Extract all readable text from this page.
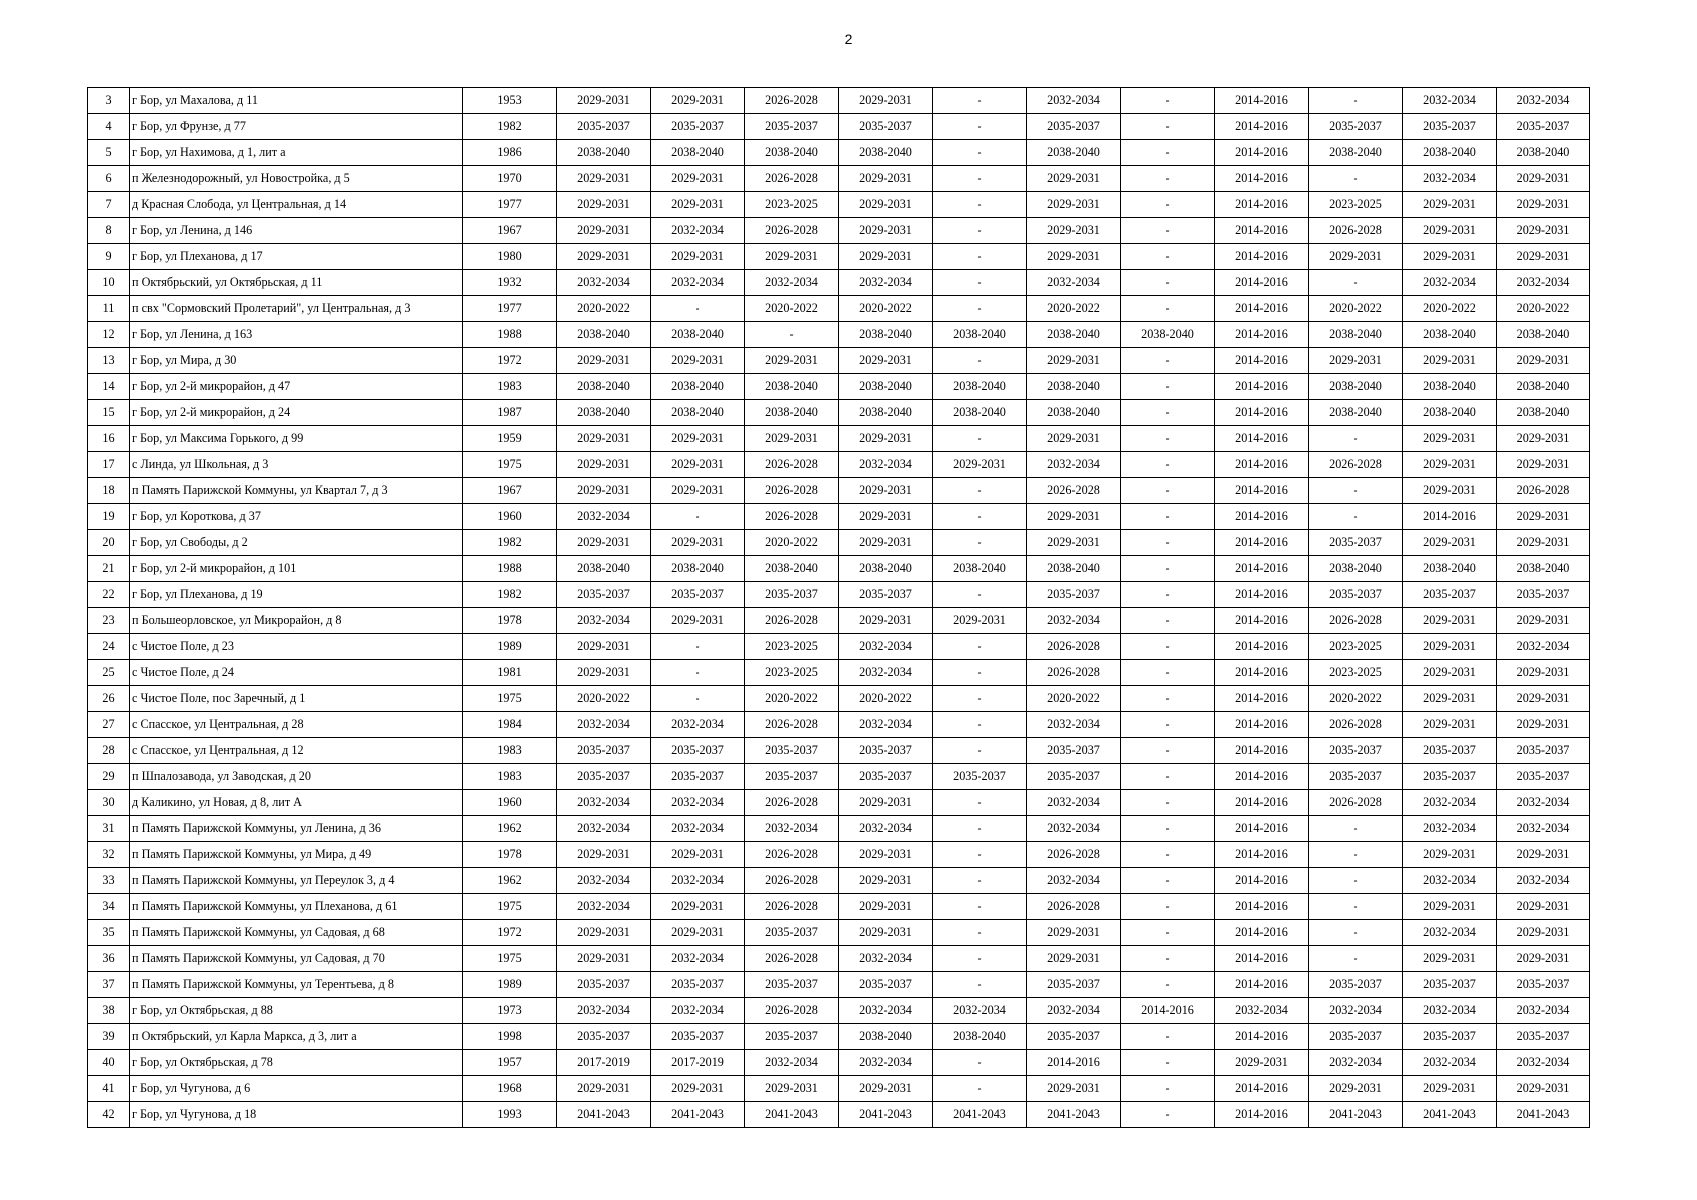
2
3	г Бор, ул Махалова, д 11	1953	2029-2031	2029-2031	2026-2028	2029-2031	-	2032-2034	-	2014-2016	-	2032-2034	2032-2034
4	г Бор, ул Фрунзе, д 77	1982	2035-2037	2035-2037	2035-2037	2035-2037	-	2035-2037	-	2014-2016	2035-2037	2035-2037	2035-2037
5	г Бор, ул Нахимова, д 1, лит а	1986	2038-2040	2038-2040	2038-2040	2038-2040	-	2038-2040	-	2014-2016	2038-2040	2038-2040	2038-2040
6	п Железнодорожный, ул Новостройка, д 5	1970	2029-2031	2029-2031	2026-2028	2029-2031	-	2029-2031	-	2014-2016	-	2032-2034	2029-2031
7	д Красная Слобода, ул Центральная, д 14	1977	2029-2031	2029-2031	2023-2025	2029-2031	-	2029-2031	-	2014-2016	2023-2025	2029-2031	2029-2031
8	г Бор, ул Ленина, д 146	1967	2029-2031	2032-2034	2026-2028	2029-2031	-	2029-2031	-	2014-2016	2026-2028	2029-2031	2029-2031
9	г Бор, ул Плеханова, д 17	1980	2029-2031	2029-2031	2029-2031	2029-2031	-	2029-2031	-	2014-2016	2029-2031	2029-2031	2029-2031
10	п Октябрьский, ул Октябрьская, д 11	1932	2032-2034	2032-2034	2032-2034	2032-2034	-	2032-2034	-	2014-2016	-	2032-2034	2032-2034
11	п свх "Сормовский Пролетарий", ул Центральная, д 3	1977	2020-2022	-	2020-2022	2020-2022	-	2020-2022	-	2014-2016	2020-2022	2020-2022	2020-2022
12	г Бор, ул Ленина, д 163	1988	2038-2040	2038-2040	-	2038-2040	2038-2040	2038-2040	2038-2040	2014-2016	2038-2040	2038-2040	2038-2040
13	г Бор, ул Мира, д 30	1972	2029-2031	2029-2031	2029-2031	2029-2031	-	2029-2031	-	2014-2016	2029-2031	2029-2031	2029-2031
14	г Бор, ул 2-й микрорайон, д 47	1983	2038-2040	2038-2040	2038-2040	2038-2040	2038-2040	2038-2040	-	2014-2016	2038-2040	2038-2040	2038-2040
15	г Бор, ул 2-й микрорайон, д 24	1987	2038-2040	2038-2040	2038-2040	2038-2040	2038-2040	2038-2040	-	2014-2016	2038-2040	2038-2040	2038-2040
16	г Бор, ул Максима Горького, д 99	1959	2029-2031	2029-2031	2029-2031	2029-2031	-	2029-2031	-	2014-2016	-	2029-2031	2029-2031
17	с Линда, ул Школьная, д 3	1975	2029-2031	2029-2031	2026-2028	2032-2034	2029-2031	2032-2034	-	2014-2016	2026-2028	2029-2031	2029-2031
18	п Память Парижской Коммуны, ул Квартал 7, д 3	1967	2029-2031	2029-2031	2026-2028	2029-2031	-	2026-2028	-	2014-2016	-	2029-2031	2026-2028
19	г Бор, ул Короткова, д 37	1960	2032-2034	-	2026-2028	2029-2031	-	2029-2031	-	2014-2016	-	2014-2016	2029-2031
20	г Бор, ул Свободы, д 2	1982	2029-2031	2029-2031	2020-2022	2029-2031	-	2029-2031	-	2014-2016	2035-2037	2029-2031	2029-2031
21	г Бор, ул 2-й микрорайон, д 101	1988	2038-2040	2038-2040	2038-2040	2038-2040	2038-2040	2038-2040	-	2014-2016	2038-2040	2038-2040	2038-2040
22	г Бор, ул Плеханова, д 19	1982	2035-2037	2035-2037	2035-2037	2035-2037	-	2035-2037	-	2014-2016	2035-2037	2035-2037	2035-2037
23	п Большеорловское, ул Микрорайон, д 8	1978	2032-2034	2029-2031	2026-2028	2029-2031	2029-2031	2032-2034	-	2014-2016	2026-2028	2029-2031	2029-2031
24	с Чистое Поле, д 23	1989	2029-2031	-	2023-2025	2032-2034	-	2026-2028	-	2014-2016	2023-2025	2029-2031	2032-2034
25	с Чистое Поле, д 24	1981	2029-2031	-	2023-2025	2032-2034	-	2026-2028	-	2014-2016	2023-2025	2029-2031	2029-2031
26	с Чистое Поле, пос Заречный, д 1	1975	2020-2022	-	2020-2022	2020-2022	-	2020-2022	-	2014-2016	2020-2022	2029-2031	2029-2031
27	с Спасское, ул Центральная, д 28	1984	2032-2034	2032-2034	2026-2028	2032-2034	-	2032-2034	-	2014-2016	2026-2028	2029-2031	2029-2031
28	с Спасское, ул Центральная, д 12	1983	2035-2037	2035-2037	2035-2037	2035-2037	-	2035-2037	-	2014-2016	2035-2037	2035-2037	2035-2037
29	п Шпалозавода, ул Заводская, д 20	1983	2035-2037	2035-2037	2035-2037	2035-2037	2035-2037	2035-2037	-	2014-2016	2035-2037	2035-2037	2035-2037
30	д Каликино, ул Новая, д 8, лит А	1960	2032-2034	2032-2034	2026-2028	2029-2031	-	2032-2034	-	2014-2016	2026-2028	2032-2034	2032-2034
31	п Память Парижской Коммуны, ул Ленина, д 36	1962	2032-2034	2032-2034	2032-2034	2032-2034	-	2032-2034	-	2014-2016	-	2032-2034	2032-2034
32	п Память Парижской Коммуны, ул Мира, д 49	1978	2029-2031	2029-2031	2026-2028	2029-2031	-	2026-2028	-	2014-2016	-	2029-2031	2029-2031
33	п Память Парижской Коммуны, ул Переулок 3, д 4	1962	2032-2034	2032-2034	2026-2028	2029-2031	-	2032-2034	-	2014-2016	-	2032-2034	2032-2034
34	п Память Парижской Коммуны, ул Плеханова, д 61	1975	2032-2034	2029-2031	2026-2028	2029-2031	-	2026-2028	-	2014-2016	-	2029-2031	2029-2031
35	п Память Парижской Коммуны, ул Садовая, д 68	1972	2029-2031	2029-2031	2035-2037	2029-2031	-	2029-2031	-	2014-2016	-	2032-2034	2029-2031
36	п Память Парижской Коммуны, ул Садовая, д 70	1975	2029-2031	2032-2034	2026-2028	2032-2034	-	2029-2031	-	2014-2016	-	2029-2031	2029-2031
37	п Память Парижской Коммуны, ул Терентьева, д 8	1989	2035-2037	2035-2037	2035-2037	2035-2037	-	2035-2037	-	2014-2016	2035-2037	2035-2037	2035-2037
38	г Бор, ул Октябрьская, д 88	1973	2032-2034	2032-2034	2026-2028	2032-2034	2032-2034	2032-2034	2014-2016	2032-2034	2032-2034	2032-2034	2032-2034
39	п Октябрьский, ул Карла Маркса, д 3, лит а	1998	2035-2037	2035-2037	2035-2037	2038-2040	2038-2040	2035-2037	-	2014-2016	2035-2037	2035-2037	2035-2037
40	г Бор, ул Октябрьская, д 78	1957	2017-2019	2017-2019	2032-2034	2032-2034	-	2014-2016	-	2029-2031	2032-2034	2032-2034	2032-2034
41	г Бор, ул Чугунова, д 6	1968	2029-2031	2029-2031	2029-2031	2029-2031	-	2029-2031	-	2014-2016	2029-2031	2029-2031	2029-2031
42	г Бор, ул Чугунова, д 18	1993	2041-2043	2041-2043	2041-2043	2041-2043	2041-2043	2041-2043	-	2014-2016	2041-2043	2041-2043	2041-2043
